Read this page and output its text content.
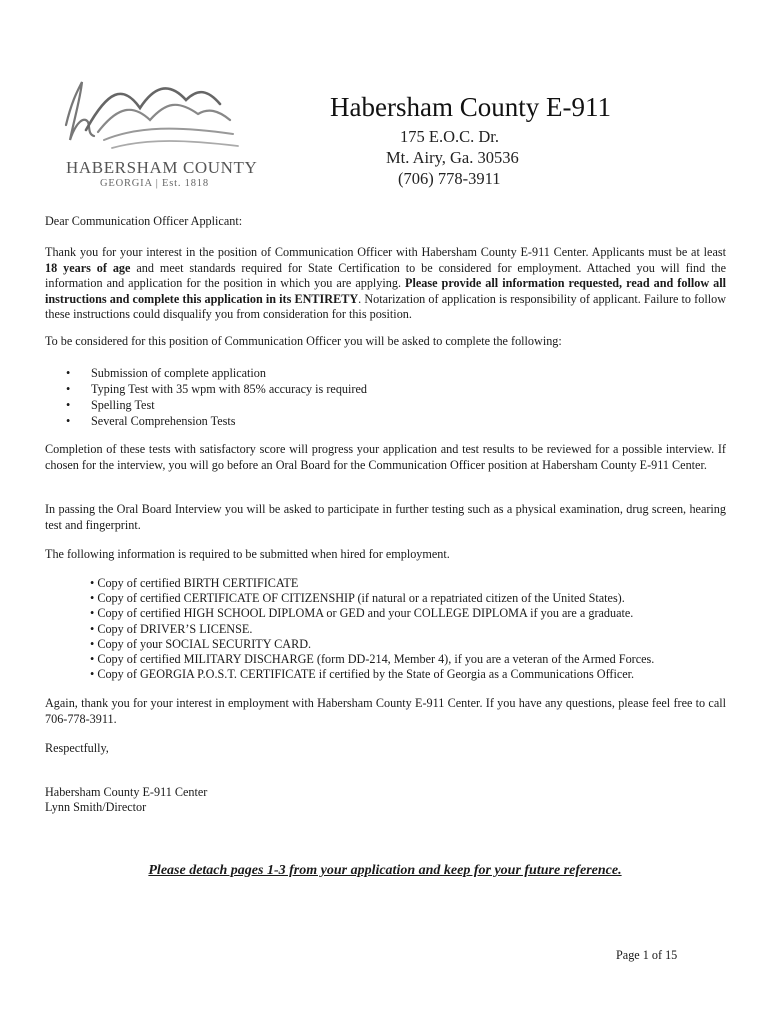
HABERSHAM COUNTY
GEORGIA | Est. 1818
Habersham County E-911
175 E.O.C. Dr.
Mt. Airy, Ga. 30536
(706) 778-3911

Dear Communication Officer Applicant:

Thank you for your interest in the position of Communication Officer with Habersham County E-911 Center. Applicants must be at least 18 years of age and meet standards required for State Certification to be considered for employment. Attached you will find the information and application for the position in which you are applying. Please provide all information requested, read and follow all instructions and complete this application in its ENTIRETY. Notarization of application is responsibility of applicant. Failure to follow these instructions could disqualify you from consideration for this position.

To be considered for this position of Communication Officer you will be asked to complete the following:

• Submission of complete application
• Typing Test with 35 wpm with 85% accuracy is required
• Spelling Test
• Several Comprehension Tests

Completion of these tests with satisfactory score will progress your application and test results to be reviewed for a possible interview. If chosen for the interview, you will go before an Oral Board for the Communication Officer position at Habersham County E-911 Center.

In passing the Oral Board Interview you will be asked to participate in further testing such as a physical examination, drug screen, hearing test and fingerprint.

The following information is required to be submitted when hired for employment.

• Copy of certified BIRTH CERTIFICATE
• Copy of certified CERTIFICATE OF CITIZENSHIP (if natural or a repatriated citizen of the United States).
• Copy of certified HIGH SCHOOL DIPLOMA or GED and your COLLEGE DIPLOMA if you are a graduate.
• Copy of DRIVER’S LICENSE.
• Copy of your SOCIAL SECURITY CARD.
• Copy of certified MILITARY DISCHARGE (form DD-214, Member 4), if you are a veteran of the Armed Forces.
• Copy of GEORGIA P.O.S.T. CERTIFICATE if certified by the State of Georgia as a Communications Officer.

Again, thank you for your interest in employment with Habersham County E-911 Center. If you have any questions, please feel free to call 706-778-3911.

Respectfully,

Habersham County E-911 Center

Lynn Smith/Director

Please detach pages 1-3 from your application and keep for your future reference.
Page 1 of 15
